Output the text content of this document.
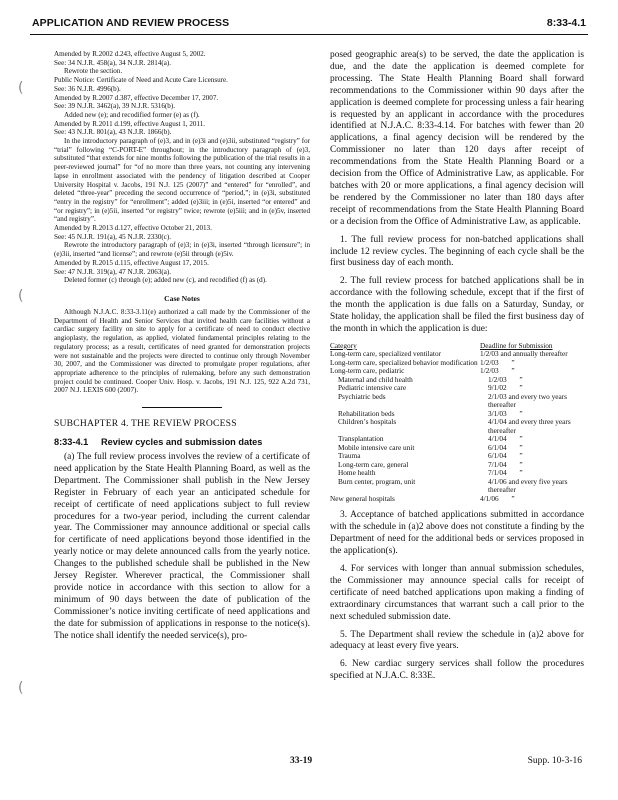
APPLICATION AND REVIEW PROCESS	8:33-4.1
(
(
(

Amended by R.2002 d.243, effective August 5, 2002.

See: 34 N.J.R. 458(a), 34 N.J.R. 2814(a).

Rewrote the section.

Public Notice: Certificate of Need and Acute Care Licensure.

See: 36 N.J.R. 4996(b).

Amended by R.2007 d.387, effective December 17, 2007.

See: 39 N.J.R. 3462(a), 39 N.J.R. 5316(b).

Added new (e); and recodified former (e) as (f).

Amended by R.2011 d.199, effective August 1, 2011.

See: 43 N.J.R. 801(a), 43 N.J.R. 1866(b).

In the introductory paragraph of (e)3, and in (e)3i and (e)3ii, substituted “registry” for “trial” following “C-PORT-E” throughout; in the introductory paragraph of (e)3, substituted “that extends for nine months following the publication of the trial results in a peer-reviewed journal” for “of no more than three years, not counting any intervening lapse in enrollment associated with the pendency of litigation described at Cooper University Hospital v. Jacobs, 191 N.J. 125 (2007)” and “entered” for “enrolled”, and deleted “three-year” preceding the second occurrence of “period,”; in (e)3i, substituted “entry in the registry” for “enrollment”; added (e)3iii; in (e)5i, inserted “or entered” and “or registry”; in (e)5ii, inserted “or registry” twice; rewrote (e)5iii; and in (e)5v, inserted “and registry”.

Amended by R.2013 d.127, effective October 21, 2013.

See: 45 N.J.R. 191(a), 45 N.J.R. 2330(c).

Rewrote the introductory paragraph of (e)3; in (e)3i, inserted “through licensure”; in (e)3ii, inserted “and license”; and rewrote (e)5ii through (e)5iv.

Amended by R.2015 d.115, effective August 17, 2015.

See: 47 N.J.R. 319(a), 47 N.J.R. 2063(a).

Deleted former (c) through (e); added new (c), and recodified (f) as (d).

Case Notes
Although N.J.A.C. 8:33-3.11(e) authorized a call made by the Commissioner of the Department of Health and Senior Services that invited health care facilities without a cardiac surgery facility on site to apply for a certificate of need to conduct elective angioplasty, the regulation, as applied, violated fundamental principles relating to the regulatory process; as a result, certificates of need granted for demonstration projects were not sustainable and the projects were directed to continue only through November 30, 2007, and the Commissioner was directed to promulgate proper regulations, after appropriate adherence to the principles of rulemaking, before any such demonstration project could be continued. Cooper Univ. Hosp. v. Jacobs, 191 N.J. 125, 922 A.2d 731, 2007 N.J. LEXIS 600 (2007).
SUBCHAPTER 4. THE REVIEW PROCESS
8:33-4.1     Review cycles and submission dates

(a) The full review process involves the review of a certificate of need application by the State Health Planning Board, as well as the Department. The Commissioner shall publish in the New Jersey Register in February of each year an anticipated schedule for receipt of certificate of need applications subject to full review procedures for a two-year period, including the current calendar year. The Commissioner may announce additional or special calls for certificate of need applications beyond those identified in the yearly notice or may delete announced calls from the yearly notice. Changes to the published schedule shall be published in the New Jersey Register. Wherever practical, the Commissioner shall provide notice in accordance with this section to allow for a minimum of 90 days between the date of publication of the Commissioner’s notice inviting certificate of need applications and the date for submission of applications in response to the notice(s). The notice shall identify the needed service(s), pro-

posed geographic area(s) to be served, the date the application is due, and the date the application is deemed complete for processing. The State Health Planning Board shall forward recommendations to the Commissioner within 90 days after the application is deemed complete for processing unless a fair hearing is requested by an applicant in accordance with the procedures identified at N.J.A.C. 8:33-4.14. For batches with fewer than 20 applications, a final agency decision will be rendered by the Commissioner no later than 120 days after receipt of recommendations from the State Health Planning Board or a decision from the Office of Administrative Law, as applicable. For batches with 20 or more applications, a final agency decision will be rendered by the Commissioner no later than 180 days after receipt of recommendations from the State Health Planning Board or a decision from the Office of Administrative Law, as applicable.

1. The full review process for non-batched applications shall include 12 review cycles. The beginning of each cycle shall be the first business day of each month.

2. The full review process for batched applications shall be in accordance with the following schedule, except that if the first of the month the application is due falls on a Saturday, Sunday, or State holiday, the application shall be filed the first business day of the month in which the application is due:

Category	Deadline for Submission
Long-term care, specialized ventilator	1/2/03 and annually thereafter
Long-term care, specialized behavior modification 1/2/03       ”
Long-term care, pediatric	1/2/03       ”
Maternal and child health	1/2/03       ”
Pediatric intensive care	9/1/02       ”
Psychiatric beds	2/1/03 and every two years thereafter
Rehabilitation beds	3/1/03       ”
Children’s hospitals	4/1/04 and every three years thereafter
Transplantation	4/1/04       ”
Mobile intensive care unit	6/1/04       ”
Trauma	6/1/04       ”
Long-term care, general	7/1/04       ”
Home health	7/1/04       ”
Burn center, program, unit	4/1/06 and every five years thereafter
New general hospitals	4/1/06       ”

3. Acceptance of batched applications submitted in accordance with the schedule in (a)2 above does not constitute a finding by the Department of need for the additional beds or services proposed in the application(s).

4. For services with longer than annual submission schedules, the Commissioner may announce special calls for receipt of certificate of need batched applications upon making a finding of extraordinary circumstances that warrant such a call prior to the next scheduled submission date.

5. The Department shall review the schedule in (a)2 above for adequacy at least every five years.

6. New cardiac surgery services shall follow the procedures specified at N.J.A.C. 8:33E.

33-19	Supp. 10-3-16
